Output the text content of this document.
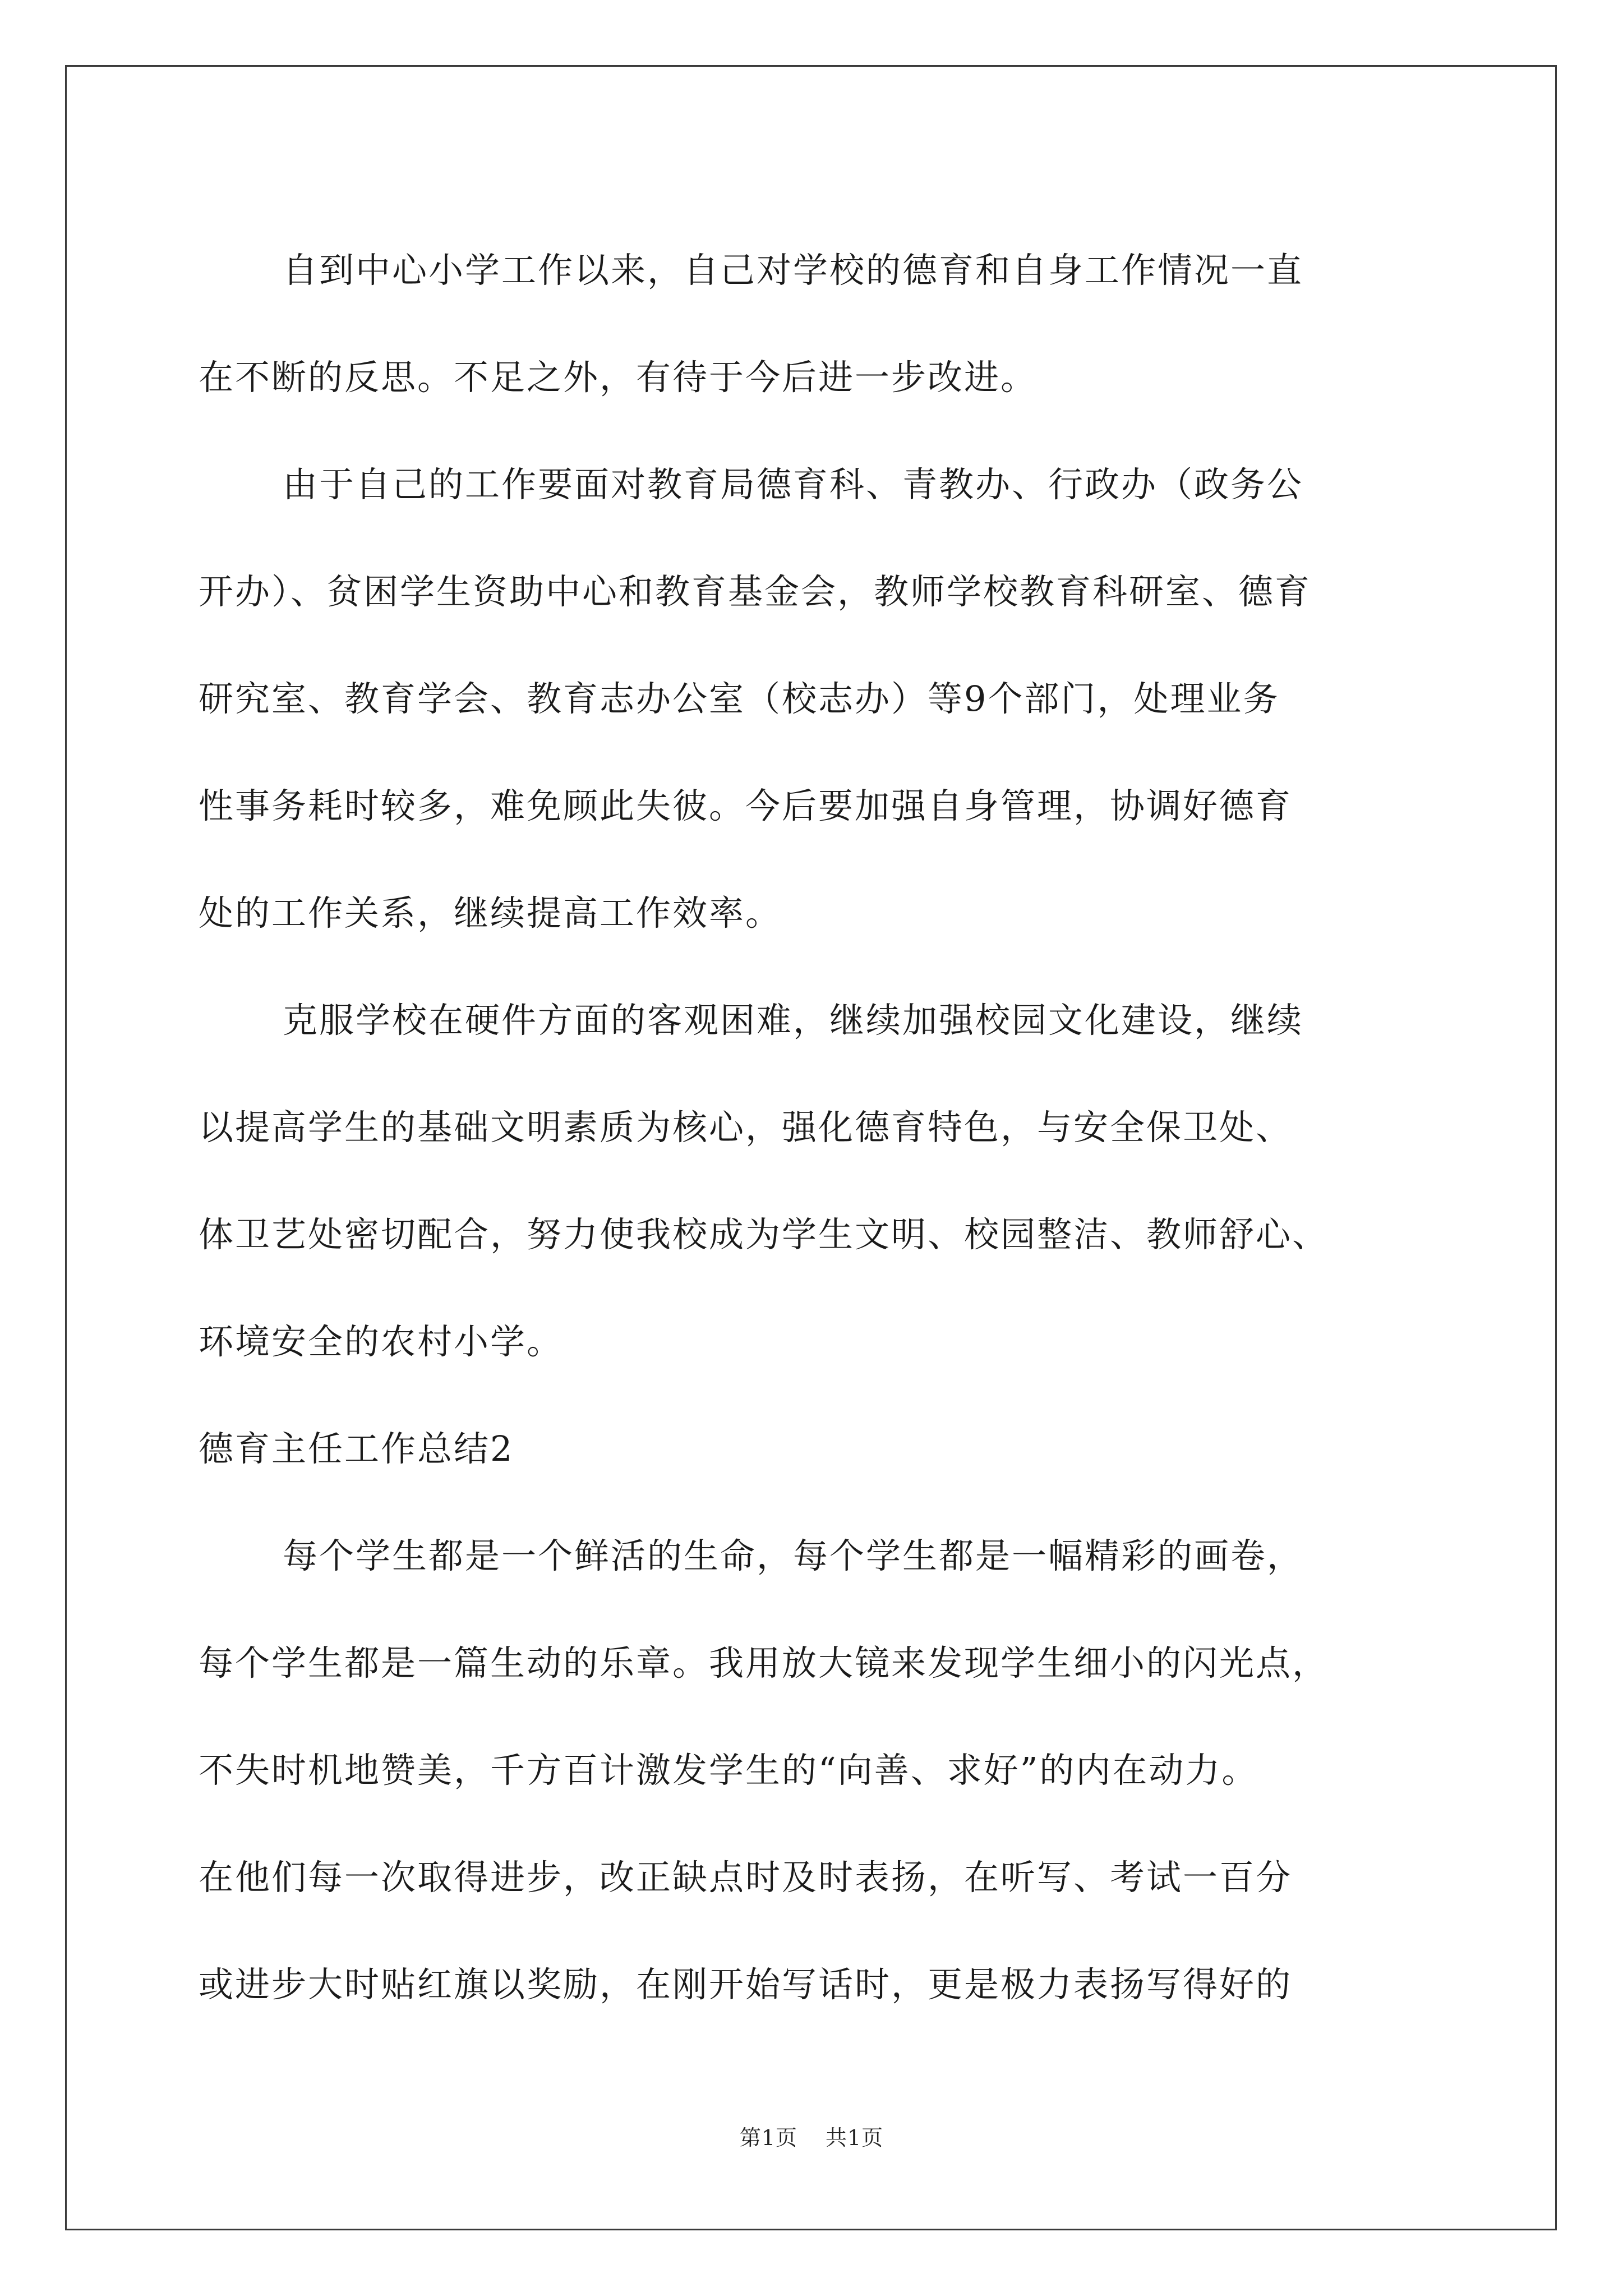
自到中心小学工作以来，自己对学校的德育和自身工作情况一直
在不断的反思。不足之外，有待于今后进一步改进。

由于自己的工作要面对教育局德育科、青教办、行政办（政务公
开办）、贫困学生资助中心和教育基金会，教师学校教育科研室、德育
研究室、教育学会、教育志办公室（校志办）等9个部门，处理业务
性事务耗时较多，难免顾此失彼。今后要加强自身管理，协调好德育
处的工作关系，继续提高工作效率。

克服学校在硬件方面的客观困难，继续加强校园文化建设，继续
以提高学生的基础文明素质为核心，强化德育特色，与安全保卫处、
体卫艺处密切配合，努力使我校成为学生文明、校园整洁、教师舒心、
环境安全的农村小学。

德育主任工作总结2

每个学生都是一个鲜活的生命，每个学生都是一幅精彩的画卷，
每个学生都是一篇生动的乐章。我用放大镜来发现学生细小的闪光点，
不失时机地赞美，千方百计激发学生的“向善、求好”的内在动力。
在他们每一次取得进步，改正缺点时及时表扬，在听写、考试一百分
或进步大时贴红旗以奖励，在刚开始写话时，更是极力表扬写得好的

第1页 共1页
